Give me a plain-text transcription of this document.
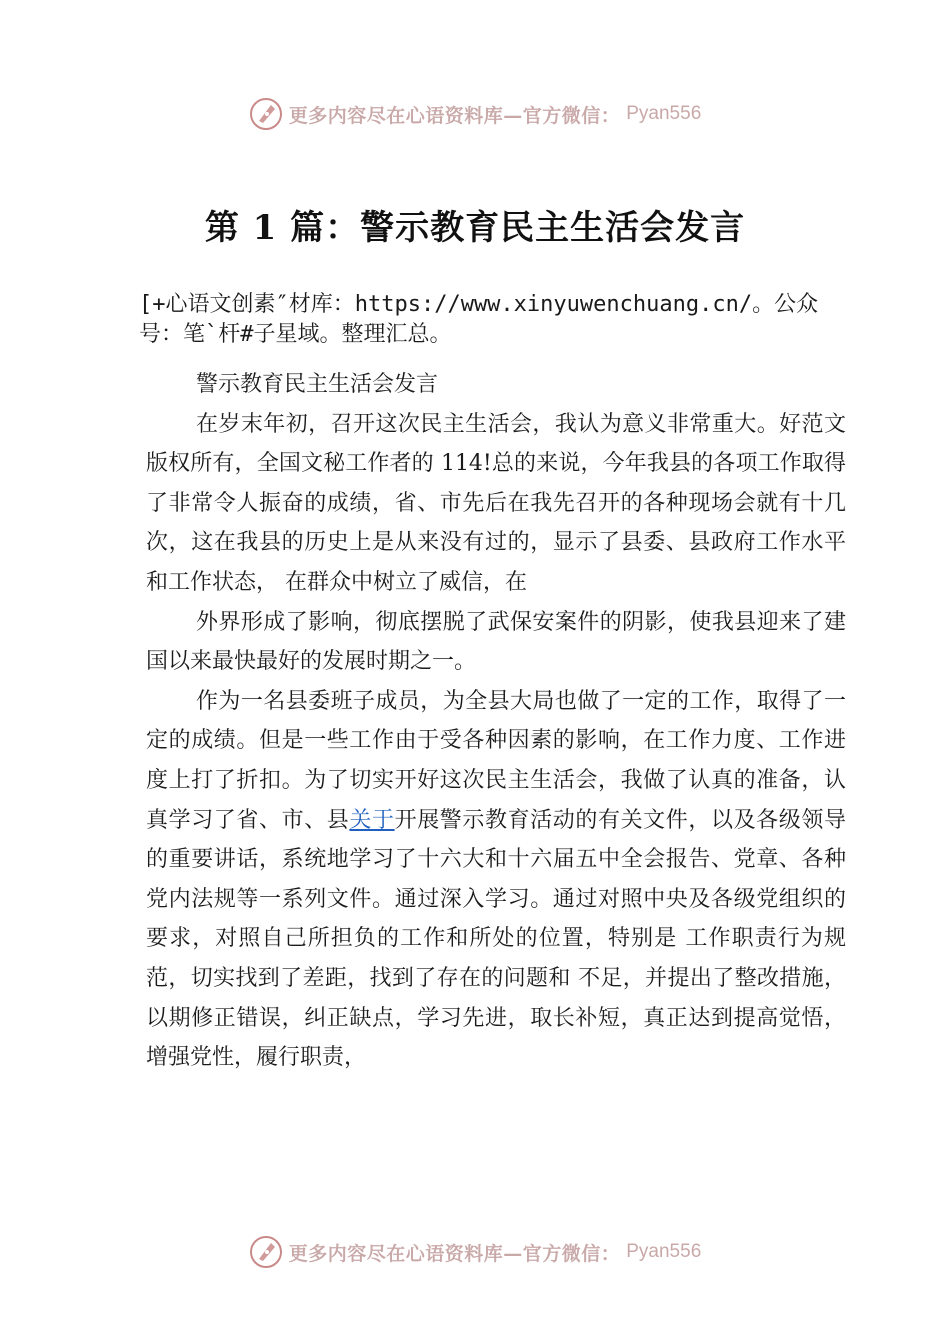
更多内容尽在心语资料库—官方微信： Pyan556
第 1 篇：警示教育民主生活会发言
[+心语文创素″材库：https://www.xinyuwenchuang.cn/。公众号：笔`杆#子星域。整理汇总。

警示教育民主生活会发言

在岁末年初，召开这次民主生活会，我认为意义非常重大。好范文版权所有，全国文秘工作者的 114!总的来说，今年我县的各项工作取得了非常令人振奋的成绩，省、市先后在我先召开的各种现场会就有十几次，这在我县的历史上是从来没有过的，显示了县委、县政府工作水平和工作状态， 在群众中树立了威信，在

外界形成了影响，彻底摆脱了武保安案件的阴影，使我县迎来了建国以来最快最好的发展时期之一。

作为一名县委班子成员，为全县大局也做了一定的工作，取得了一定的成绩。但是一些工作由于受各种因素的影响，在工作力度、工作进度上打了折扣。为了切实开好这次民主生活会，我做了认真的准备，认真学习了省、市、县关于开展警示教育活动的有关文件，以及各级领导的重要讲话，系统地学习了十六大和十六届五中全会报告、党章、各种党内法规等一系列文件。通过深入学习。通过对照中央及各级党组织的要求，对照自己所担负的工作和所处的位置，特别是 工作职责行为规范，切实找到了差距，找到了存在的问题和 不足，并提出了整改措施，以期修正错误，纠正缺点，学习先进，取长补短，真正达到提高觉悟，增强党性，履行职责，

更多内容尽在心语资料库—官方微信： Pyan556
